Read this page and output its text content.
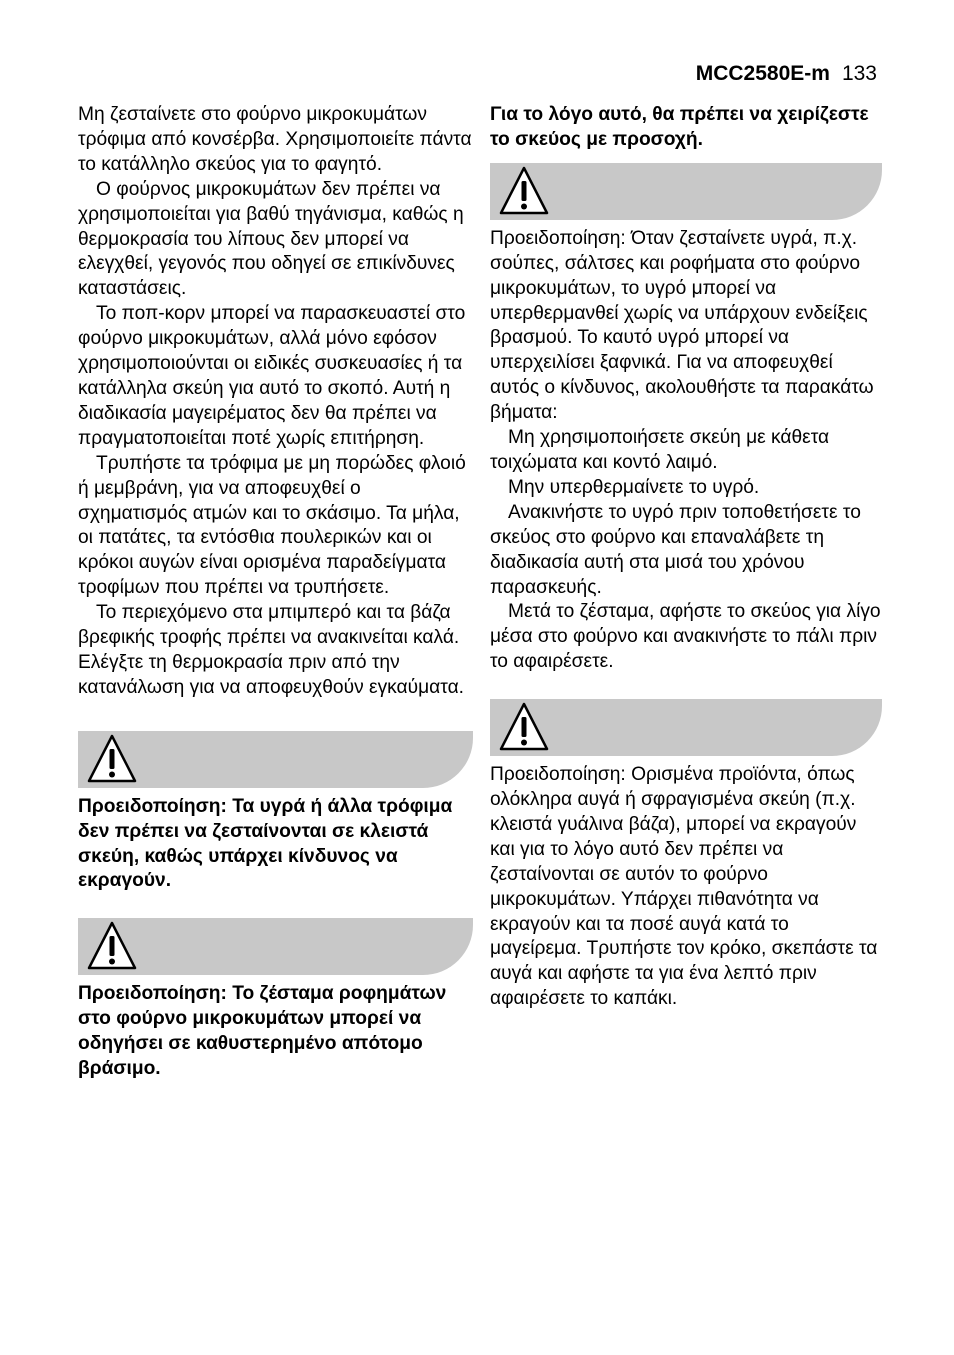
MCC2580E-m 133

Μη ζεσταίνετε στο φούρνο μικροκυμάτων τρόφιμα από κονσέρβα. Χρησιμοποιείτε πάντα το κατάλληλο σκεύος για το φαγητό.

Ο φούρνος μικροκυμάτων δεν πρέπει να χρησιμοποιείται για βαθύ τηγάνισμα, καθώς η θερμοκρασία του λίπους δεν μπορεί να ελεγχθεί, γεγονός που οδηγεί σε επικίνδυνες καταστάσεις.

Το ποπ-κορν μπορεί να παρασκευαστεί στο φούρνο μικροκυμάτων, αλλά μόνο εφόσον χρησιμοποιούνται οι ειδικές συσκευασίες ή τα κατάλληλα σκεύη για αυτό το σκοπό. Αυτή η διαδικασία μαγειρέματος δεν θα πρέπει να πραγματοποιείται ποτέ χωρίς επιτήρηση.

Τρυπήστε τα τρόφιμα με μη πορώδες φλοιό ή μεμβράνη, για να αποφευχθεί ο σχηματισμός ατμών και το σκάσιμο. Τα μήλα, οι πατάτες, τα εντόσθια πουλερικών και οι κρόκοι αυγών είναι ορισμένα παραδείγματα τροφίμων που πρέπει να τρυπήσετε.

Το περιεχόμενο στα μπιμπερό και τα βάζα βρεφικής τροφής πρέπει να ανακινείται καλά. Ελέγξτε τη θερμοκρασία πριν από την κατανάλωση για να αποφευχθούν εγκαύματα.

Προειδοποίηση: Τα υγρά ή άλλα τρόφιμα δεν πρέπει να ζεσταίνονται σε κλειστά σκεύη, καθώς υπάρχει κίνδυνος να εκραγούν.

Προειδοποίηση: Το ζέσταμα ροφημάτων στο φούρνο μικροκυμάτων μπορεί να οδηγήσει σε καθυστερημένο απότομο βράσιμο.

Για το λόγο αυτό, θα πρέπει να χειρίζεστε το σκεύος με προσοχή.

Προειδοποίηση: Όταν ζεσταίνετε υγρά, π.χ. σούπες, σάλτσες και ροφήματα στο φούρνο μικροκυμάτων, το υγρό μπορεί να υπερθερμανθεί χωρίς να υπάρχουν ενδείξεις βρασμού. Το καυτό υγρό μπορεί να υπερχειλίσει ξαφνικά. Για να αποφευχθεί αυτός ο κίνδυνος, ακολουθήστε τα παρακάτω βήματα:

Μη χρησιμοποιήσετε σκεύη με κάθετα τοιχώματα και κοντό λαιμό.

Μην υπερθερμαίνετε το υγρό.

Ανακινήστε το υγρό πριν τοποθετήσετε το σκεύος στο φούρνο και επαναλάβετε τη διαδικασία αυτή στα μισά του χρόνου παρασκευής.

Μετά το ζέσταμα, αφήστε το σκεύος για λίγο μέσα στο φούρνο και ανακινήστε το πάλι πριν το αφαιρέσετε.

Προειδοποίηση: Ορισμένα προϊόντα, όπως ολόκληρα αυγά ή σφραγισμένα σκεύη (π.χ. κλειστά γυάλινα βάζα), μπορεί να εκραγούν και για το λόγο αυτό δεν πρέπει να ζεσταίνονται σε αυτόν το φούρνο μικροκυμάτων. Υπάρχει πιθανότητα να εκραγούν και τα ποσέ αυγά κατά το μαγείρεμα. Τρυπήστε τον κρόκο, σκεπάστε τα αυγά και αφήστε τα για ένα λεπτό πριν αφαιρέσετε το καπάκι.
